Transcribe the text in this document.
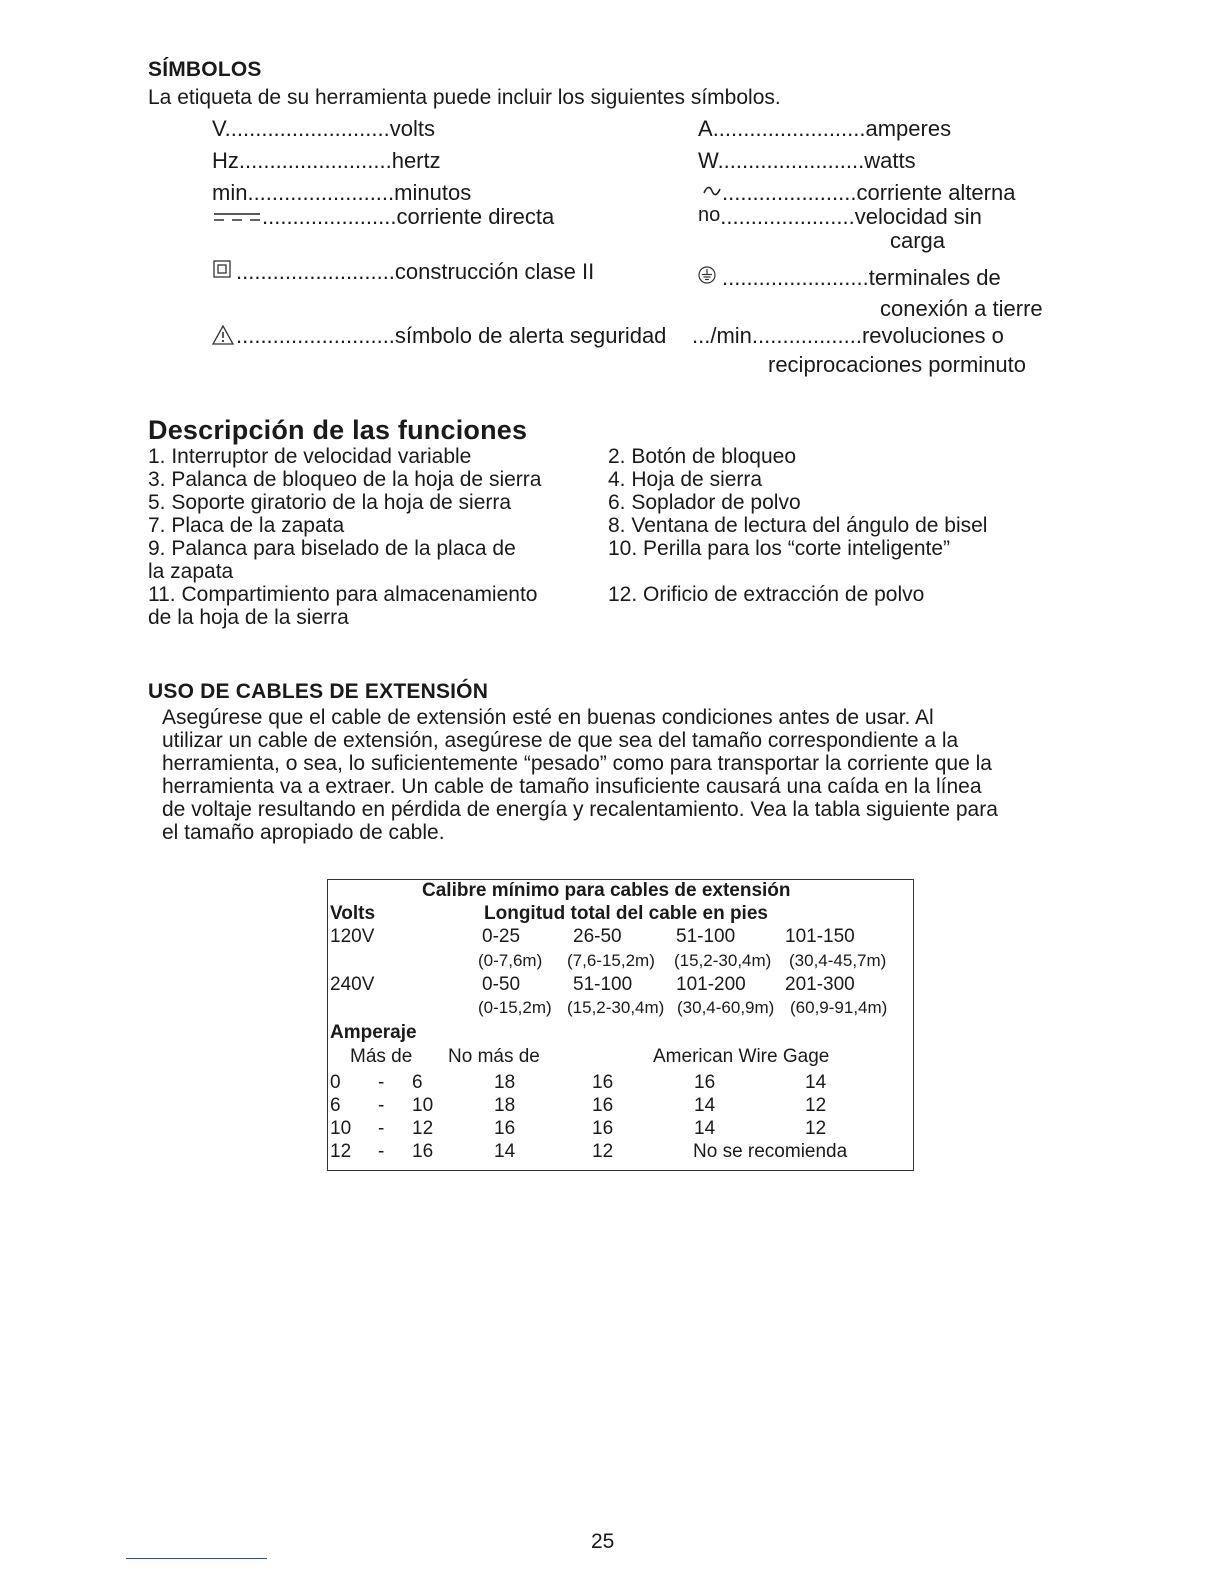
SÍMBOLOS
La etiqueta de su herramienta puede incluir los siguientes símbolos.
V...........................volts
Hz.........................hertz
min........................minutos
......................corriente directa
..........................construcción clase II
..........................símbolo de alerta seguridad
A.........................amperes
W........................watts
......................corriente alterna
no......................velocidad sin
carga
........................terminales de
conexión a tierre
.../min..................revoluciones o
reciprocaciones porminuto
Descripción de las funciones
1. Interruptor de velocidad variable	2. Botón de bloqueo
3. Palanca de bloqueo de la hoja de sierra	4. Hoja de sierra
5. Soporte giratorio de la hoja de sierra	6. Soplador de polvo
7. Placa de la zapata	8. Ventana de lectura del ángulo de bisel
9. Palanca para biselado de la placa de
la zapata
10. Perilla para los “corte inteligente”
11. Compartimiento para almacenamiento
de la hoja de la sierra
12. Orificio de extracción de polvo
USO DE CABLES DE EXTENSIÓN
Asegúrese que el cable de extensión esté en buenas condiciones antes de usar. Al
utilizar un cable de extensión, asegúrese de que sea del tamaño correspondiente a la
herramienta, o sea, lo suficientemente “pesado” como para transportar la corriente que la
herramienta va a extraer. Un cable de tamaño insuficiente causará una caída en la línea
de voltaje resultando en pérdida de energía y recalentamiento. Vea la tabla siguiente para
el tamaño apropiado de cable.
Calibre mínimo para cables de extensión
Volts	Longitud total del cable en pies
120V	0-25	26-50	51-100	101-150
(0-7,6m) (7,6-15,2m) (15,2-30,4m) (30,4-45,7m)
240V	0-50	51-100 101-200 201-300
(0-15,2m) (15,2-30,4m) (30,4-60,9m) (60,9-91,4m)
Amperaje
Más de No más de	American Wire Gage
0 - 6	18	16	16	14
6 - 10	18	16	14	12
10 - 12	16	16	14	12
12 - 16	14	12	No se recomienda
25
